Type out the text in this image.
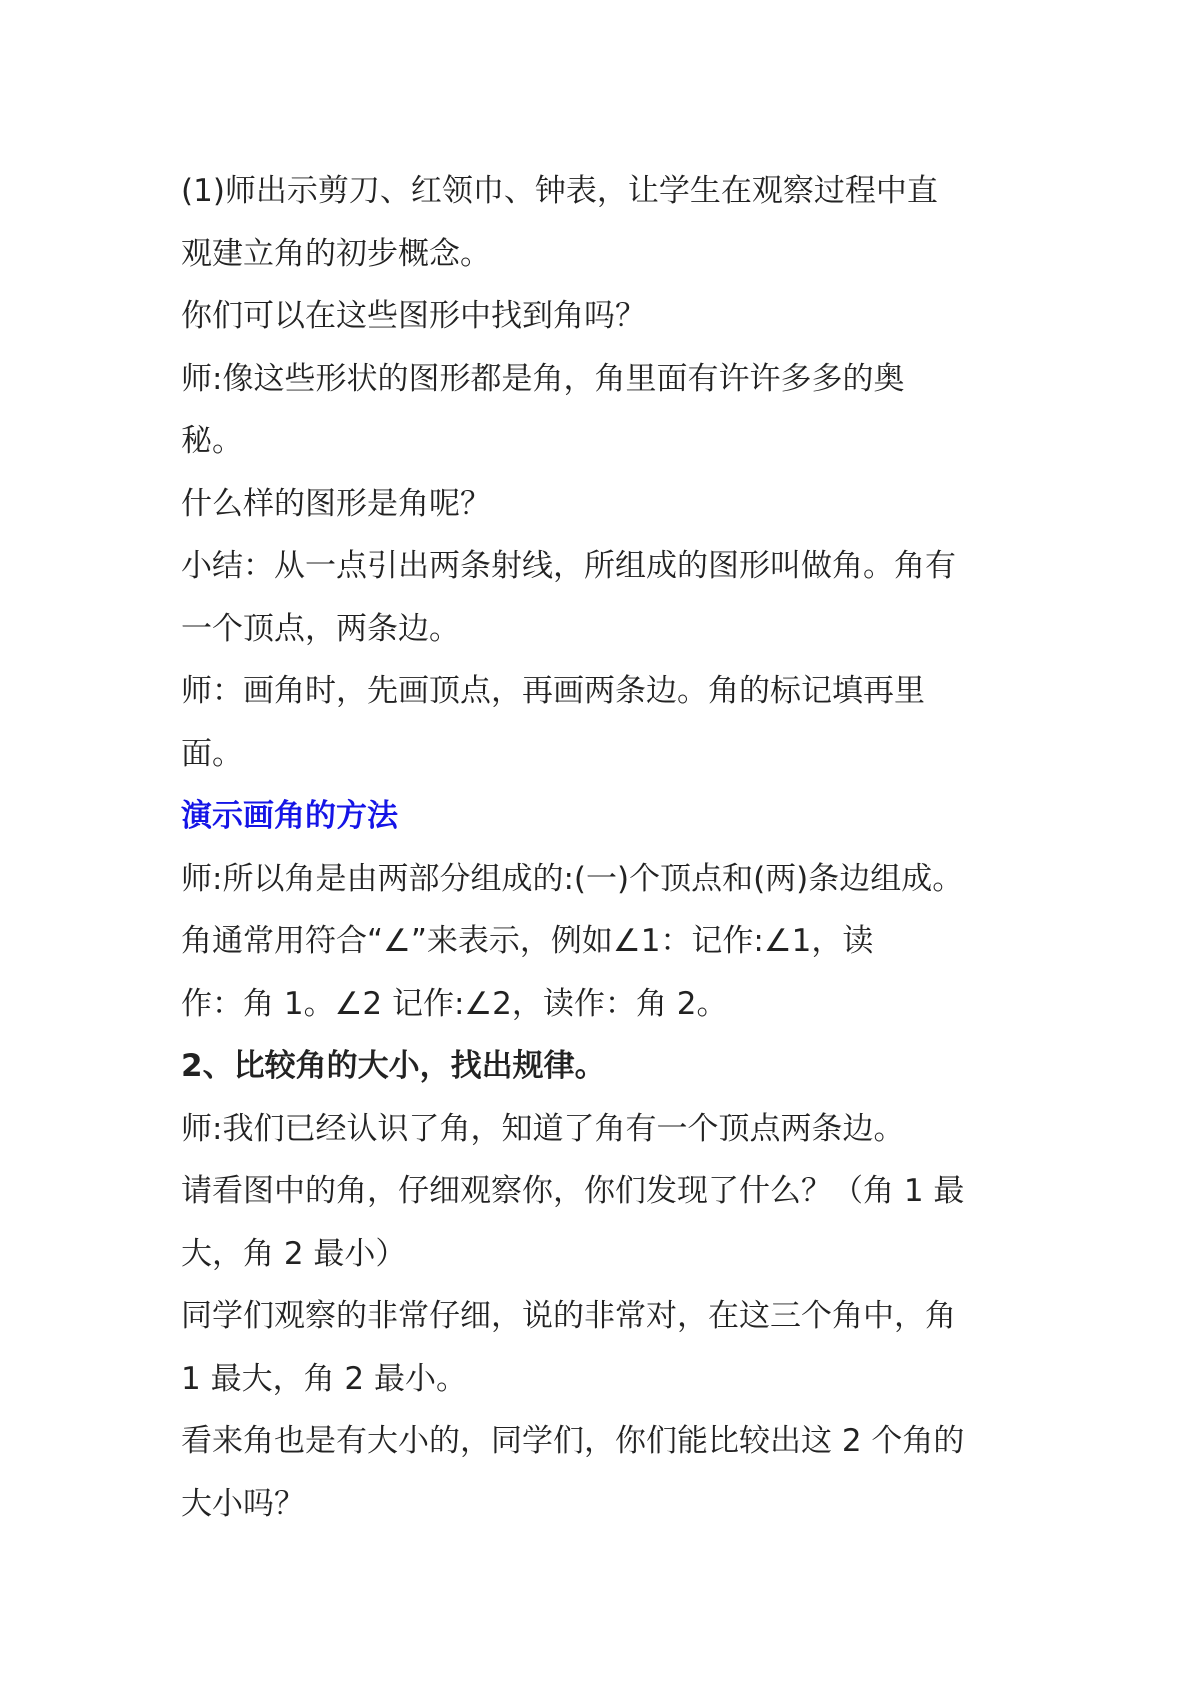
(1)师出示剪刀、红领巾、钟表，让学生在观察过程中直

观建立角的初步概念。

你们可以在这些图形中找到角吗？

师:像这些形状的图形都是角，角里面有许许多多的奥

秘。

什么样的图形是角呢？

小结：从一点引出两条射线，所组成的图形叫做角。角有

一个顶点，两条边。

师：画角时，先画顶点，再画两条边。角的标记填再里

面。

演示画角的方法

师:所以角是由两部分组成的:(一)个顶点和(两)条边组成。

角通常用符合“∠”来表示，例如∠1：记作:∠1，读

作：角 1。∠2 记作:∠2，读作：角 2。

2、比较角的大小，找出规律。

师:我们已经认识了角，知道了角有一个顶点两条边。

请看图中的角，仔细观察你，你们发现了什么？（角 1 最

大，角 2 最小）

同学们观察的非常仔细，说的非常对，在这三个角中，角

1 最大，角 2 最小。

看来角也是有大小的，同学们，你们能比较出这 2 个角的

大小吗？
